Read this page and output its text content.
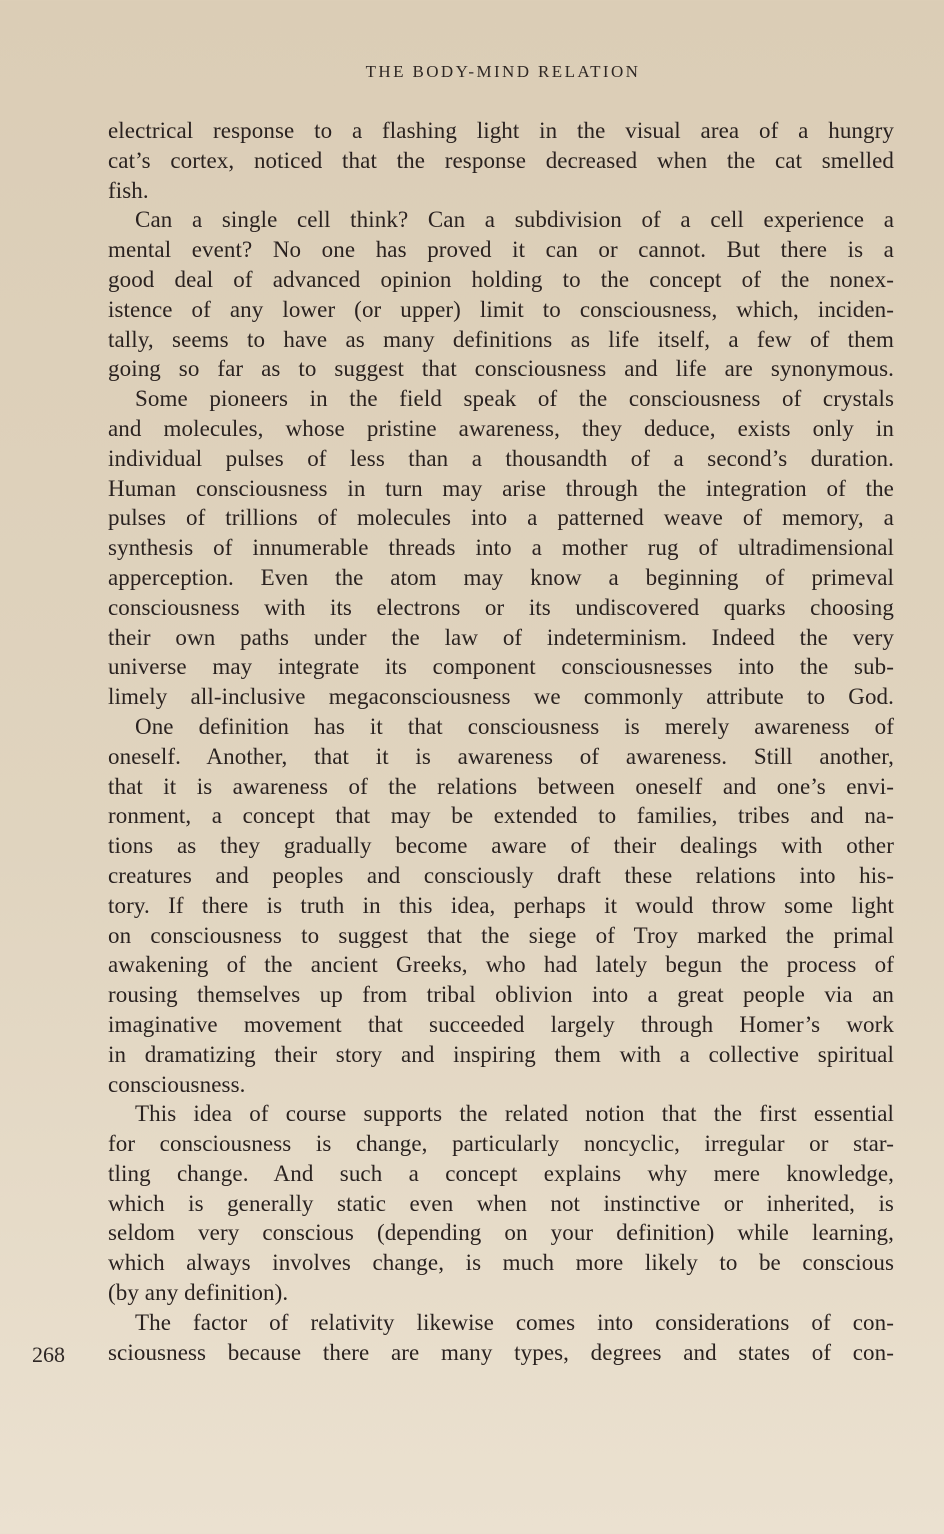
THE BODY-MIND RELATION
electrical response to a flashing light in the visual area of a hungry
cat’s cortex, noticed that the response decreased when the cat smelled
fish.
Can a single cell think? Can a subdivision of a cell experience a
mental event? No one has proved it can or cannot. But there is a
good deal of advanced opinion holding to the concept of the nonex-
istence of any lower (or upper) limit to consciousness, which, inciden-
tally, seems to have as many definitions as life itself, a few of them
going so far as to suggest that consciousness and life are synonymous.
Some pioneers in the field speak of the consciousness of crystals
and molecules, whose pristine awareness, they deduce, exists only in
individual pulses of less than a thousandth of a second’s duration.
Human consciousness in turn may arise through the integration of the
pulses of trillions of molecules into a patterned weave of memory, a
synthesis of innumerable threads into a mother rug of ultradimensional
apperception. Even the atom may know a beginning of primeval
consciousness with its electrons or its undiscovered quarks choosing
their own paths under the law of indeterminism. Indeed the very
universe may integrate its component consciousnesses into the sub-
limely all-inclusive megaconsciousness we commonly attribute to God.
One definition has it that consciousness is merely awareness of
oneself. Another, that it is awareness of awareness. Still another,
that it is awareness of the relations between oneself and one’s envi-
ronment, a concept that may be extended to families, tribes and na-
tions as they gradually become aware of their dealings with other
creatures and peoples and consciously draft these relations into his-
tory. If there is truth in this idea, perhaps it would throw some light
on consciousness to suggest that the siege of Troy marked the primal
awakening of the ancient Greeks, who had lately begun the process of
rousing themselves up from tribal oblivion into a great people via an
imaginative movement that succeeded largely through Homer’s work
in dramatizing their story and inspiring them with a collective spiritual
consciousness.
This idea of course supports the related notion that the first essential
for consciousness is change, particularly noncyclic, irregular or star-
tling change. And such a concept explains why mere knowledge,
which is generally static even when not instinctive or inherited, is
seldom very conscious (depending on your definition) while learning,
which always involves change, is much more likely to be conscious
(by any definition).
The factor of relativity likewise comes into considerations of con-
sciousness because there are many types, degrees and states of con-
268
